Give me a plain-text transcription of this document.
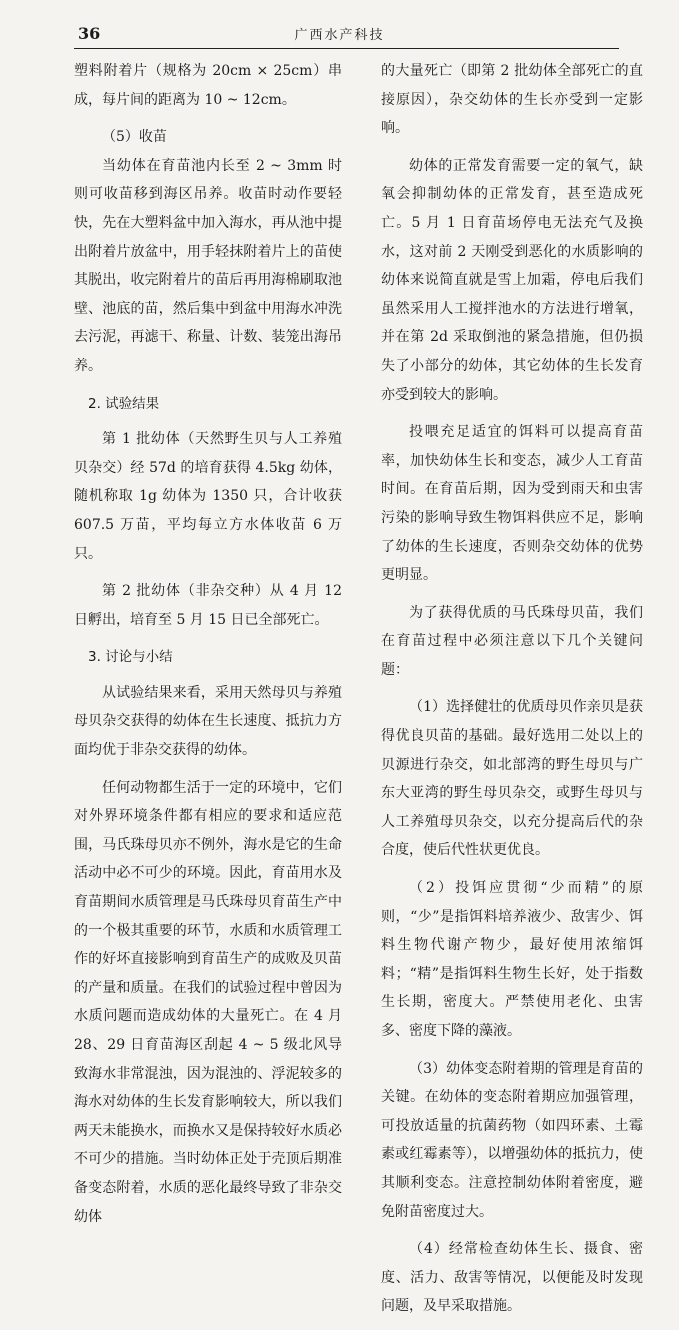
36	广西水产科技

塑料附着片（规格为 20cm × 25cm）串成，每片间的距离为 10 ~ 12cm。

（5）收苗

当幼体在育苗池内长至 2 ~ 3mm 时则可收苗移到海区吊养。收苗时动作要轻快，先在大塑料盆中加入海水，再从池中提出附着片放盆中，用手轻抹附着片上的苗使其脱出，收完附着片的苗后再用海棉刷取池壁、池底的苗，然后集中到盆中用海水冲洗去污泥，再滤干、称量、计数、装笼出海吊养。

2. 试验结果

第 1 批幼体（天然野生贝与人工养殖贝杂交）经 57d 的培育获得 4.5kg 幼体，随机称取 1g 幼体为 1350 只，合计收获 607.5 万苗，平均每立方水体收苗 6 万只。

第 2 批幼体（非杂交种）从 4 月 12 日孵出，培育至 5 月 15 日已全部死亡。

3. 讨论与小结

从试验结果来看，采用天然母贝与养殖母贝杂交获得的幼体在生长速度、抵抗力方面均优于非杂交获得的幼体。

任何动物都生活于一定的环境中，它们对外界环境条件都有相应的要求和适应范围，马氏珠母贝亦不例外，海水是它的生命活动中必不可少的环境。因此，育苗用水及育苗期间水质管理是马氏珠母贝育苗生产中的一个极其重要的环节，水质和水质管理工作的好坏直接影响到育苗生产的成败及贝苗的产量和质量。在我们的试验过程中曾因为水质问题而造成幼体的大量死亡。在 4 月 28、29 日育苗海区刮起 4 ~ 5 级北风导致海水非常混浊，因为混浊的、浮泥较多的海水对幼体的生长发育影响较大，所以我们两天未能换水，而换水又是保持较好水质必不可少的措施。当时幼体正处于壳顶后期准备变态附着，水质的恶化最终导致了非杂交幼体

的大量死亡（即第 2 批幼体全部死亡的直接原因），杂交幼体的生长亦受到一定影响。

幼体的正常发育需要一定的氧气，缺氧会抑制幼体的正常发育，甚至造成死亡。5 月 1 日育苗场停电无法充气及换水，这对前 2 天刚受到恶化的水质影响的幼体来说简直就是雪上加霜，停电后我们虽然采用人工搅拌池水的方法进行增氧，并在第 2d 采取倒池的紧急措施，但仍损失了小部分的幼体，其它幼体的生长发育亦受到较大的影响。

投喂充足适宜的饵料可以提高育苗率，加快幼体生长和变态，减少人工育苗时间。在育苗后期，因为受到雨天和虫害污染的影响导致生物饵料供应不足，影响了幼体的生长速度，否则杂交幼体的优势更明显。

为了获得优质的马氏珠母贝苗，我们在育苗过程中必须注意以下几个关键问题：

（1）选择健壮的优质母贝作亲贝是获得优良贝苗的基础。最好选用二处以上的贝源进行杂交，如北部湾的野生母贝与广东大亚湾的野生母贝杂交，或野生母贝与人工养殖母贝杂交，以充分提高后代的杂合度，使后代性状更优良。

（2）投饵应贯彻“少而精”的原则，“少”是指饵料培养液少、敌害少、饵料生物代谢产物少，最好使用浓缩饵料；“精”是指饵料生物生长好，处于指数生长期，密度大。严禁使用老化、虫害多、密度下降的藻液。

（3）幼体变态附着期的管理是育苗的关键。在幼体的变态附着期应加强管理，可投放适量的抗菌药物（如四环素、土霉素或红霉素等），以增强幼体的抵抗力，使其顺利变态。注意控制幼体附着密度，避免附苗密度过大。

（4）经常检查幼体生长、摄食、密度、活力、敌害等情况，以便能及时发现问题，及早采取措施。
